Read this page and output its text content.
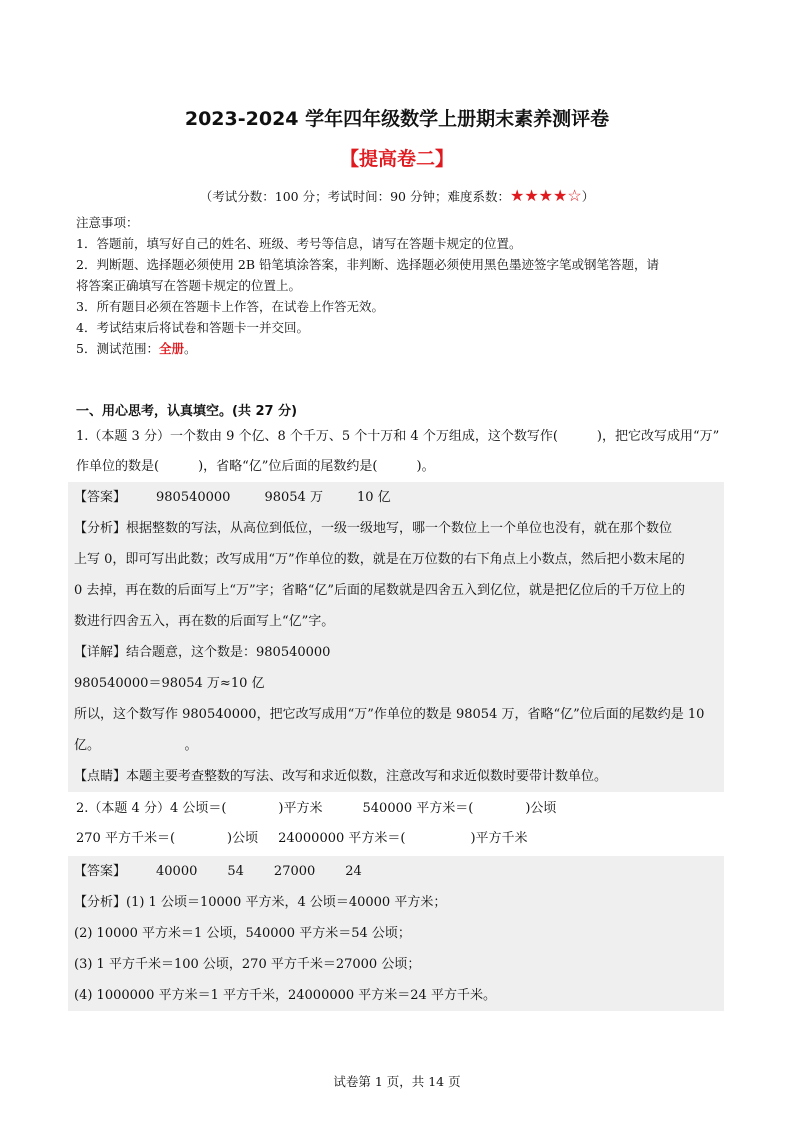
2023-2024 学年四年级数学上册期末素养测评卷
【提高卷二】
（考试分数：100 分；考试时间：90 分钟；难度系数：★★★★☆）

注意事项：

1．答题前，填写好自己的姓名、班级、考号等信息，请写在答题卡规定的位置。

2．判断题、选择题必须使用 2B 铅笔填涂答案，非判断、选择题必须使用黑色墨迹签字笔或钢笔答题，请

将答案正确填写在答题卡规定的位置上。

3．所有题目必须在答题卡上作答，在试卷上作答无效。

4．考试结束后将试卷和答题卡一并交回。

5．测试范围：全册。

一、用心思考，认真填空。(共 27 分)

1.（本题 3 分）一个数由 9 个亿、8 个千万、5 个十万和 4 个万组成，这个数写作(　　　)，把它改写成用“万”

作单位的数是(　　　)，省略“亿”位后面的尾数约是(　　　)。

【答案】 980540000	98054 万	10 亿

【分析】根据整数的写法，从高位到低位，一级一级地写，哪一个数位上一个单位也没有，就在那个数位

上写 0，即可写出此数；改写成用“万”作单位的数，就是在万位数的右下角点上小数点，然后把小数末尾的

0 去掉，再在数的后面写上“万”字；省略“亿”后面的尾数就是四舍五入到亿位，就是把亿位后的千万位上的

数进行四舍五入，再在数的后面写上“亿”字。

【详解】结合题意，这个数是：980540000

980540000＝98054 万≈10 亿

所以，这个数写作 980540000，把它改写成用“万”作单位的数是 98054 万，省略“亿”位后面的尾数约是 10

亿。　　　　　　　。

【点睛】本题主要考查整数的写法、改写和求近似数，注意改写和求近似数时要带计数单位。

2.（本题 4 分）4 公顷＝(　　　　)平方米	540000 平方米＝(　　　　)公顷

270 平方千米＝(　　　　)公顷 24000000 平方米＝(　　　　　)平方千米

【答案】 40000 54 27000 24

【分析】(1) 1 公顷＝10000 平方米，4 公顷＝40000 平方米；

(2) 10000 平方米＝1 公顷，540000 平方米＝54 公顷；

(3) 1 平方千米＝100 公顷，270 平方千米＝27000 公顷；

(4) 1000000 平方米＝1 平方千米，24000000 平方米＝24 平方千米。

试卷第 1 页，共 14 页
